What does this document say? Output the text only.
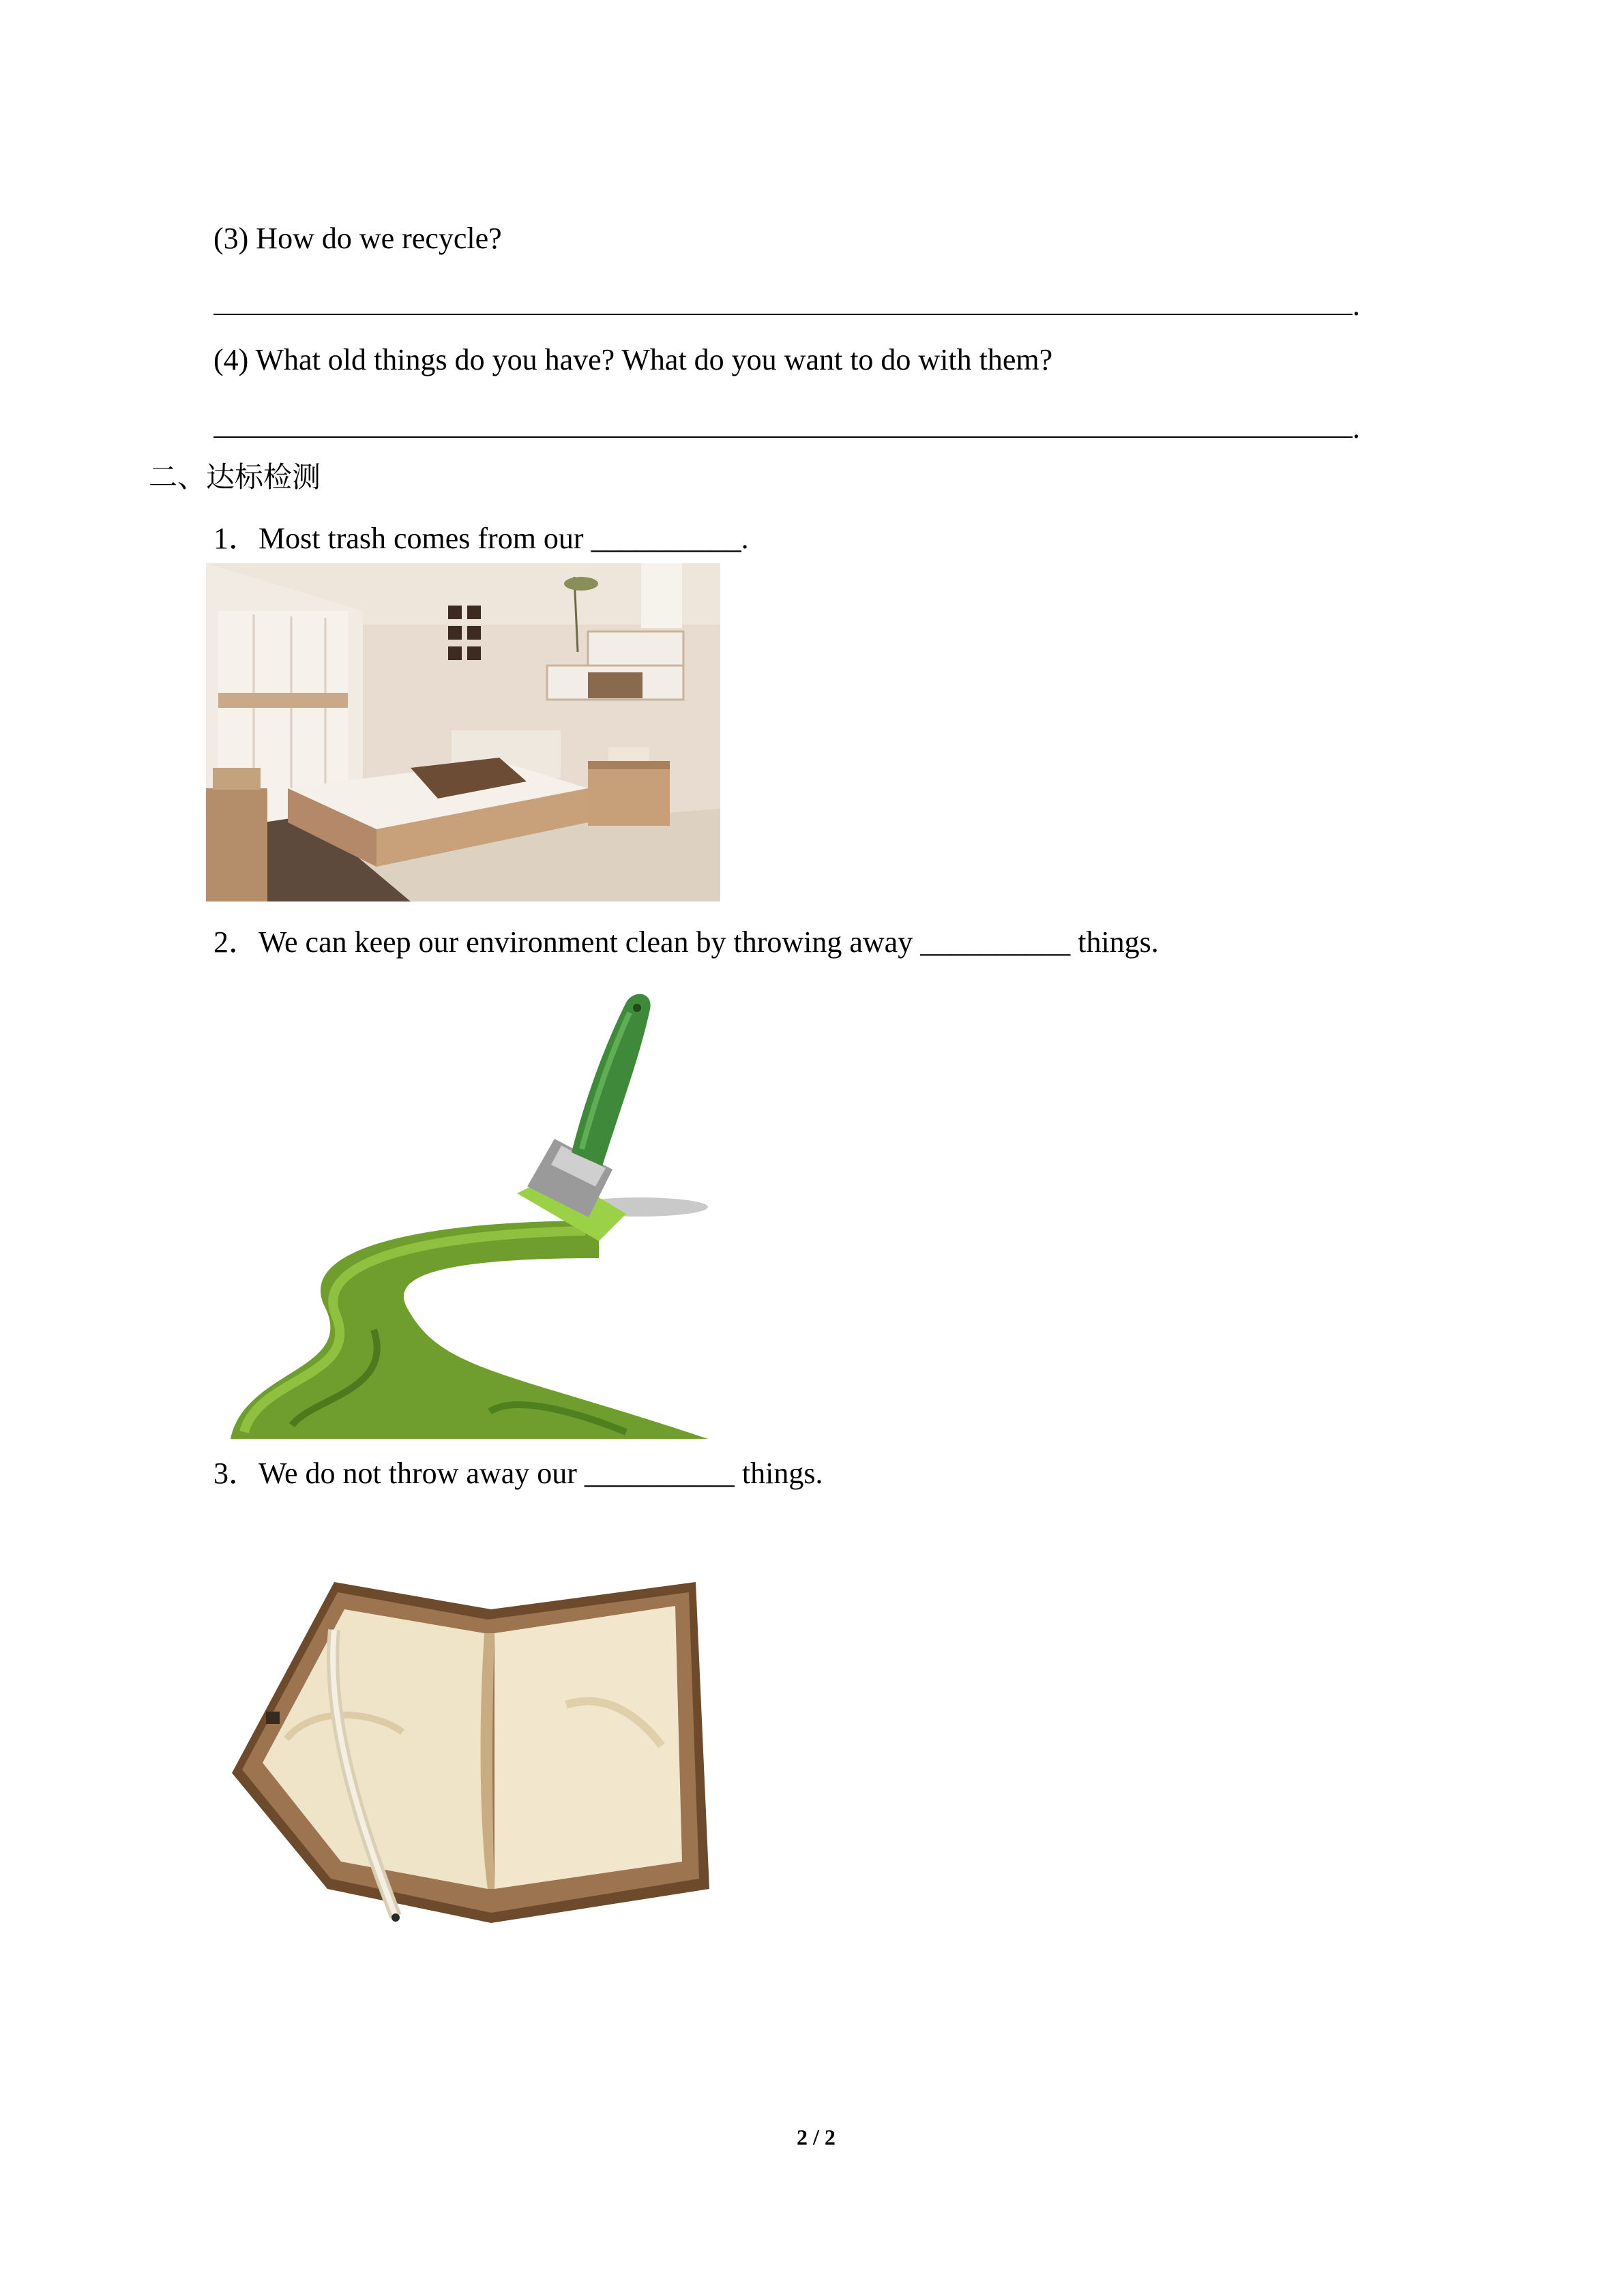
(3) How do we recycle?
.
(4) What old things do you have? What do you want to do with them?
.
二、达标检测
1．Most trash comes from our __________.
2．We can keep our environment clean by throwing away __________ things.
3．We do not throw away our __________ things.
2 / 2
